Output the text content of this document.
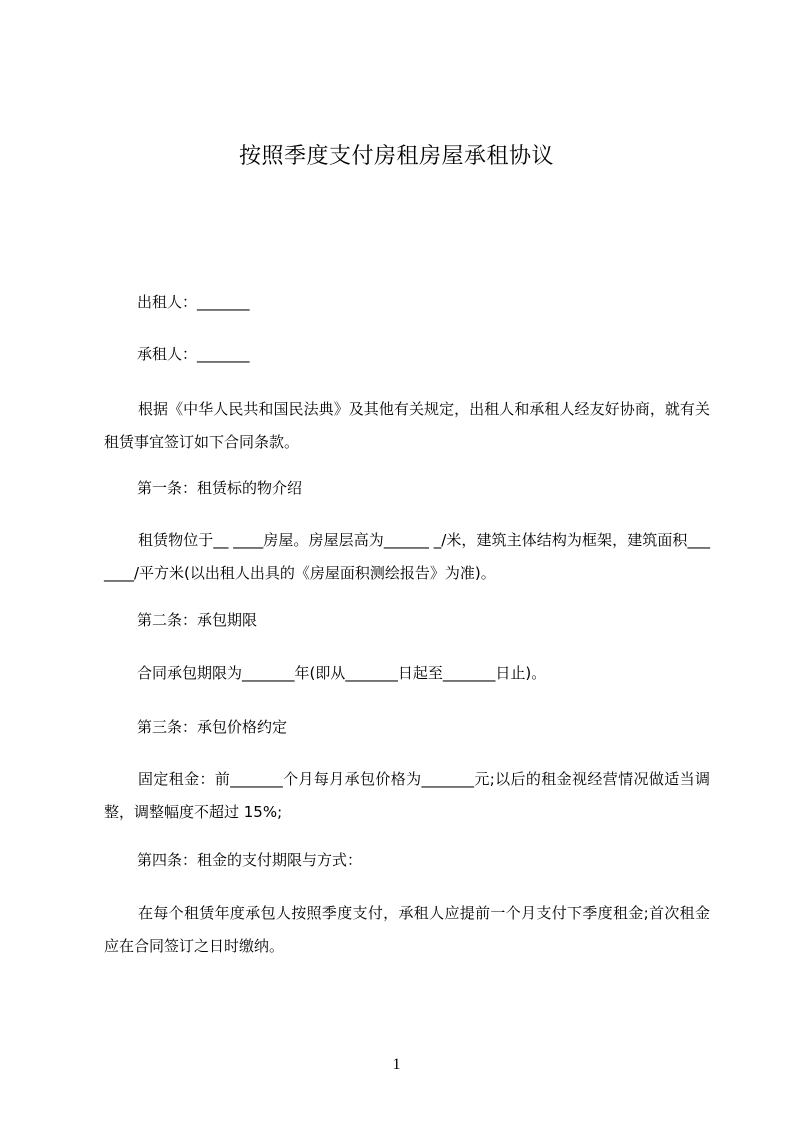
按照季度支付房租房屋承租协议

出租人：_______

承租人：_______

根据《中华人民共和国民法典》及其他有关规定，出租人和承租人经友好协商，就有关租赁事宜签订如下合同条款。

第一条：租赁标的物介绍

租赁物位于__ ____房屋。房屋层高为______ _/米，建筑主体结构为框架，建筑面积_______/平方米(以出租人出具的《房屋面积测绘报告》为准)。

第二条：承包期限

合同承包期限为_______年(即从_______日起至_______日止)。

第三条：承包价格约定

固定租金：前_______个月每月承包价格为_______元;以后的租金视经营情况做适当调整，调整幅度不超过 15%;

第四条：租金的支付期限与方式：

在每个租赁年度承包人按照季度支付，承租人应提前一个月支付下季度租金;首次租金应在合同签订之日时缴纳。

1
